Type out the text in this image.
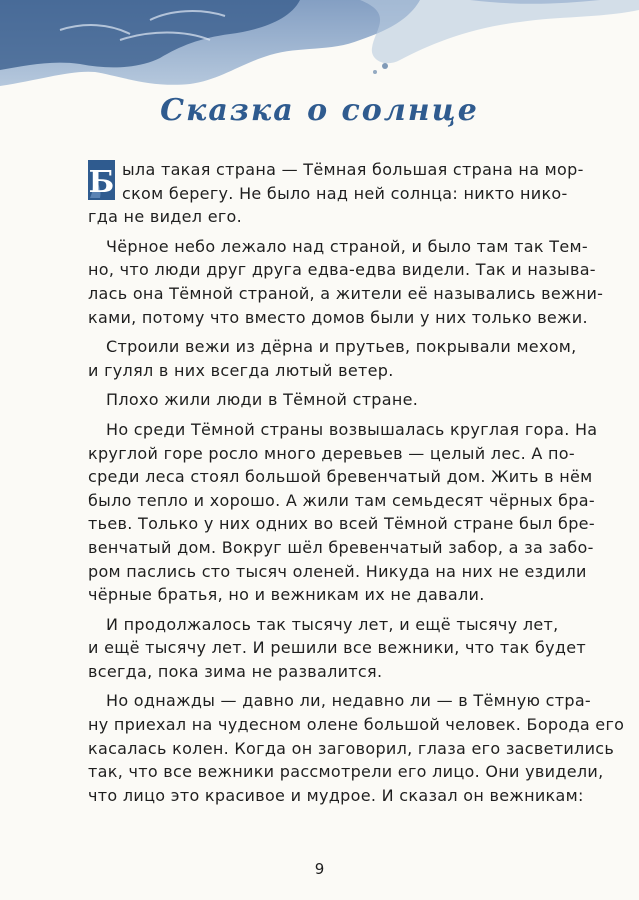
Сказка о солнце
Б ыла такая страна — Тёмная большая страна на мор-
ском берегу. Не было над ней солнца: никто нико-
гда не видел его.
Чёрное небо лежало над страной, и было там так Тем-
но, что люди друг друга едва-едва видели. Так и называ-
лась она Тёмной страной, а жители её назывались вежни-
ками, потому что вместо домов были у них только вежи.
Строили вежи из дёрна и прутьев, покрывали мехом,
и гулял в них всегда лютый ветер.
Плохо жили люди в Тёмной стране.
Но среди Тёмной страны возвышалась круглая гора. На
круглой горе росло много деревьев — целый лес. А по-
среди леса стоял большой бревенчатый дом. Жить в нём
было тепло и хорошо. А жили там семьдесят чёрных бра-
тьев. Только у них одних во всей Тёмной стране был бре-
венчатый дом. Вокруг шёл бревенчатый забор, а за забо-
ром паслись сто тысяч оленей. Никуда на них не ездили
чёрные братья, но и вежникам их не давали.
И продолжалось так тысячу лет, и ещё тысячу лет,
и ещё тысячу лет. И решили все вежники, что так будет
всегда, пока зима не развалится.
Но однажды — давно ли, недавно ли — в Тёмную стра-
ну приехал на чудесном олене большой человек. Борода его
касалась колен. Когда он заговорил, глаза его засветились
так, что все вежники рассмотрели его лицо. Они увидели,
что лицо это красивое и мудрое. И сказал он вежникам:
9
